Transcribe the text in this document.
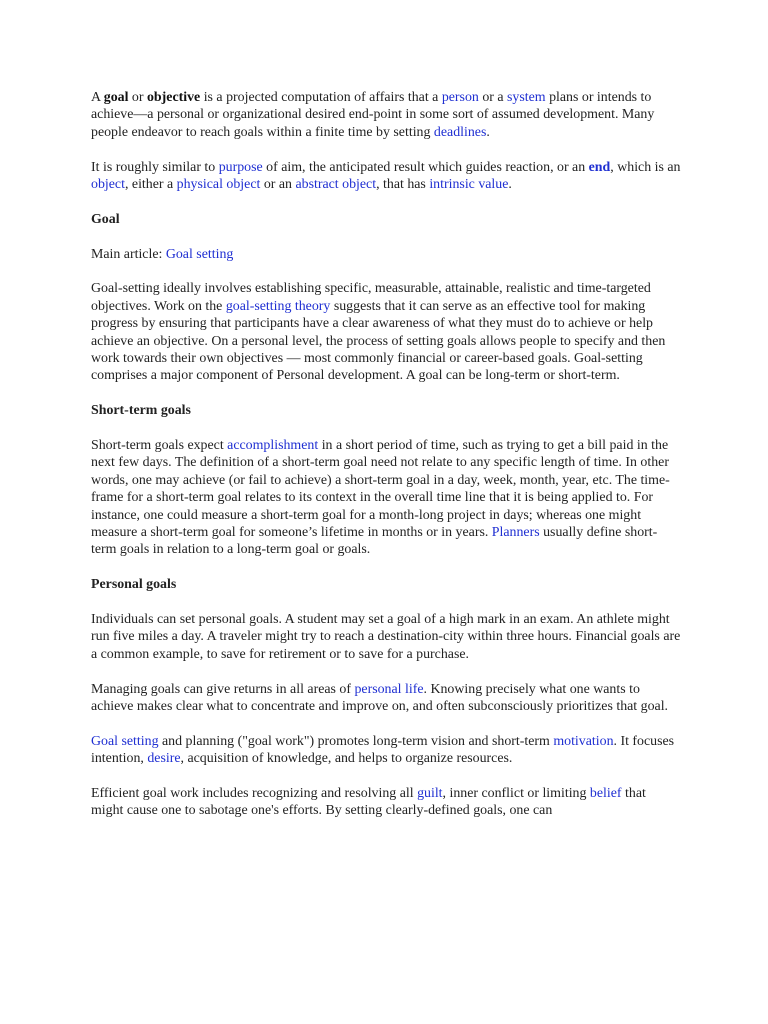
A goal or objective is a projected computation of affairs that a person or a system plans or intends to achieve—a personal or organizational desired end-point in some sort of assumed development. Many people endeavor to reach goals within a finite time by setting deadlines.

It is roughly similar to purpose of aim, the anticipated result which guides reaction, or an end, which is an object, either a physical object or an abstract object, that has intrinsic value.

Goal

Main article: Goal setting

Goal-setting ideally involves establishing specific, measurable, attainable, realistic and time-targeted objectives. Work on the goal-setting theory suggests that it can serve as an effective tool for making progress by ensuring that participants have a clear awareness of what they must do to achieve or help achieve an objective. On a personal level, the process of setting goals allows people to specify and then work towards their own objectives — most commonly financial or career-based goals. Goal-setting comprises a major component of Personal development. A goal can be long-term or short-term.

Short-term goals

Short-term goals expect accomplishment in a short period of time, such as trying to get a bill paid in the next few days. The definition of a short-term goal need not relate to any specific length of time. In other words, one may achieve (or fail to achieve) a short-term goal in a day, week, month, year, etc. The time-frame for a short-term goal relates to its context in the overall time line that it is being applied to. For instance, one could measure a short-term goal for a month-long project in days; whereas one might measure a short-term goal for someone’s lifetime in months or in years. Planners usually define short-term goals in relation to a long-term goal or goals.

Personal goals

Individuals can set personal goals. A student may set a goal of a high mark in an exam. An athlete might run five miles a day. A traveler might try to reach a destination-city within three hours. Financial goals are a common example, to save for retirement or to save for a purchase.

Managing goals can give returns in all areas of personal life. Knowing precisely what one wants to achieve makes clear what to concentrate and improve on, and often subconsciously prioritizes that goal.

Goal setting and planning ("goal work") promotes long-term vision and short-term motivation. It focuses intention, desire, acquisition of knowledge, and helps to organize resources.

Efficient goal work includes recognizing and resolving all guilt, inner conflict or limiting belief that might cause one to sabotage one's efforts. By setting clearly-defined goals, one can
